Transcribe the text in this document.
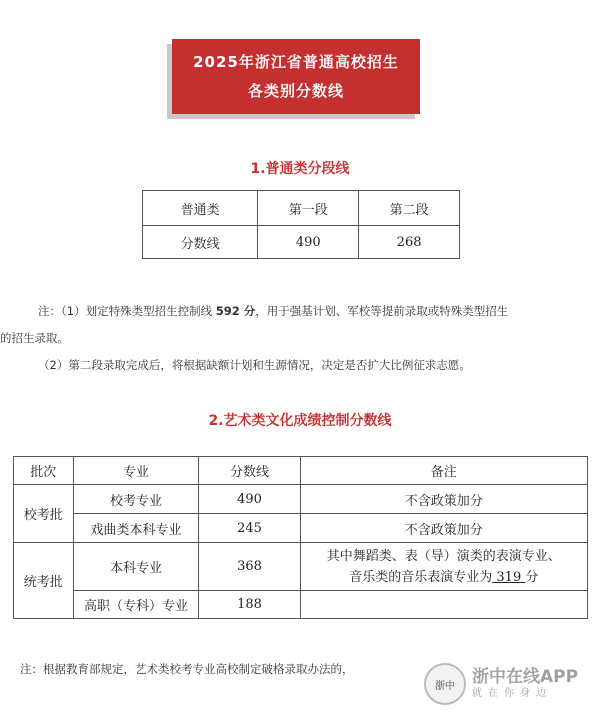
2025年浙江省普通高校招生
各类别分数线
1.普通类分段线
普通类	第一段	第二段
分数线	490	268
注：（1）划定特殊类型招生控制线 592 分，用于强基计划、军校等提前录取或特殊类型招生
的招生录取。
（2）第二段录取完成后，将根据缺额计划和生源情况，决定是否扩大比例征求志愿。
2.艺术类文化成绩控制分数线
批次	专业	分数线	备注
校考批	校考专业	490	不含政策加分
	戏曲类本科专业	245	不含政策加分
统考批	本科专业	368	其中舞蹈类、表（导）演类的表演专业、
音乐类的音乐表演专业为 319 分

	高职（专科）专业	188	
注：根据教育部规定，艺术类校考专业高校制定破格录取办法的，
浙中	浙中在线APP
就在你身边
